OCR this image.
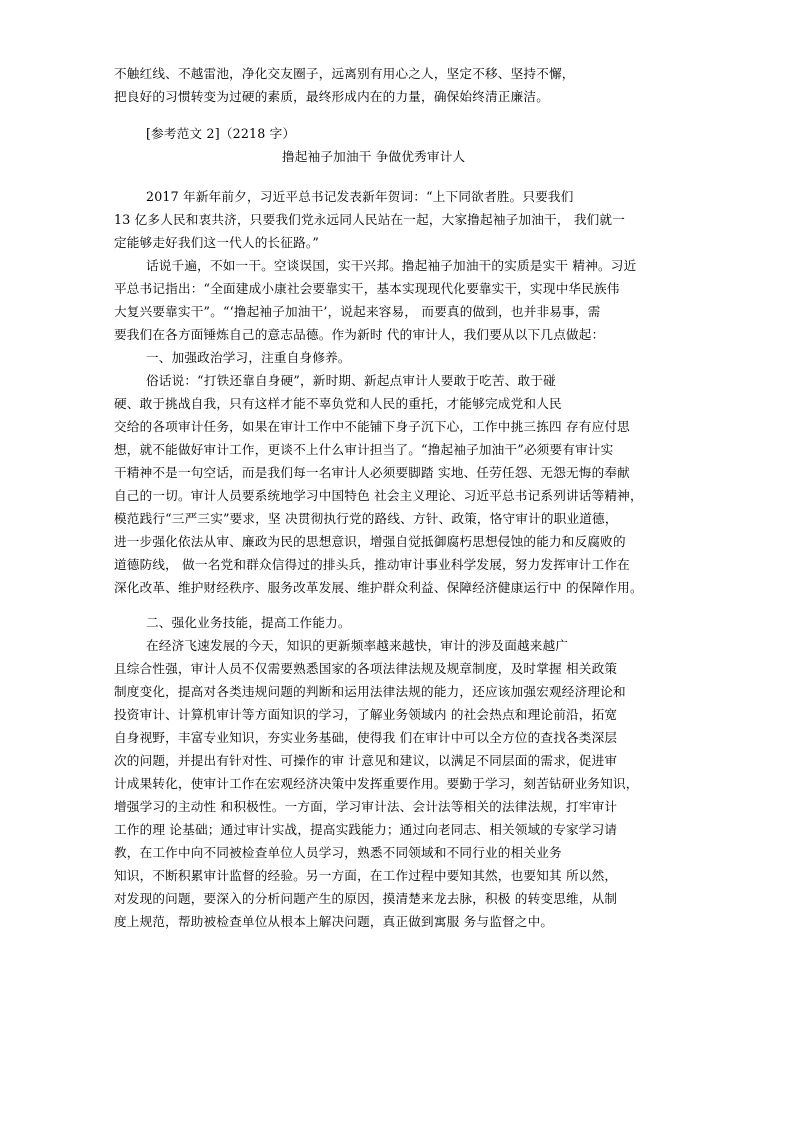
不触红线、不越雷池，净化交友圈子，远离别有用心之人，坚定不移、坚持不懈，
把良好的习惯转变为过硬的素质，最终形成内在的力量，确保始终清正廉洁。
[参考范文 2]（2218 字）
撸起袖子加油干 争做优秀审计人
2017 年新年前夕，习近平总书记发表新年贺词：“上下同欲者胜。只要我们
13 亿多人民和衷共济，只要我们党永远同人民站在一起，大家撸起袖子加油干， 我们就一
定能够走好我们这一代人的长征路。”
话说千遍，不如一干。空谈误国，实干兴邦。撸起袖子加油干的实质是实干 精神。习近
平总书记指出：“全面建成小康社会要靠实干，基本实现现代化要靠实干，实现中华民族伟
大复兴要靠实干”。“‘撸起袖子加油干’，说起来容易， 而要真的做到，也并非易事，需
要我们在各方面锤炼自己的意志品德。作为新时 代的审计人，我们要从以下几点做起：
一、加强政治学习，注重自身修养。
俗话说：“打铁还靠自身硬”，新时期、新起点审计人要敢于吃苦、敢于碰
硬、敢于挑战自我，只有这样才能不辜负党和人民的重托，才能够完成党和人民
交给的各项审计任务，如果在审计工作中不能铺下身子沉下心，工作中挑三拣四 存有应付思
想，就不能做好审计工作，更谈不上什么审计担当了。“撸起袖子加油干”必须要有审计实
干精神不是一句空话，而是我们每一名审计人必须要脚踏 实地、任劳任怨、无怨无悔的奉献
自己的一切。审计人员要系统地学习中国特色 社会主义理论、习近平总书记系列讲话等精神，
模范践行“三严三实”要求，坚 决贯彻执行党的路线、方针、政策，恪守审计的职业道德，
进一步强化依法从审、廉政为民的思想意识，增强自觉抵御腐朽思想侵蚀的能力和反腐败的
道德防线， 做一名党和群众信得过的排头兵，推动审计事业科学发展，努力发挥审计工作在
深化改革、维护财经秩序、服务改革发展、维护群众利益、保障经济健康运行中 的保障作用。
二、强化业务技能，提高工作能力。
在经济飞速发展的今天，知识的更新频率越来越快，审计的涉及面越来越广
且综合性强，审计人员不仅需要熟悉国家的各项法律法规及规章制度，及时掌握 相关政策
制度变化，提高对各类违规问题的判断和运用法律法规的能力，还应该加强宏观经济理论和
投资审计、计算机审计等方面知识的学习，了解业务领域内 的社会热点和理论前沿，拓宽
自身视野，丰富专业知识，夯实业务基础，使得我 们在审计中可以全方位的查找各类深层
次的问题，并提出有针对性、可操作的审 计意见和建议，以满足不同层面的需求，促进审
计成果转化，使审计工作在宏观经济决策中发挥重要作用。要勤于学习，刻苦钻研业务知识，
增强学习的主动性 和积极性。一方面，学习审计法、会计法等相关的法律法规，打牢审计
工作的理 论基础；通过审计实战，提高实践能力；通过向老同志、相关领域的专家学习请
教，在工作中向不同被检查单位人员学习，熟悉不同领域和不同行业的相关业务
知识，不断积累审计监督的经验。另一方面，在工作过程中要知其然，也要知其 所以然，
对发现的问题，要深入的分析问题产生的原因，摸清楚来龙去脉，积极 的转变思维，从制
度上规范，帮助被检查单位从根本上解决问题，真正做到寓服 务与监督之中。
